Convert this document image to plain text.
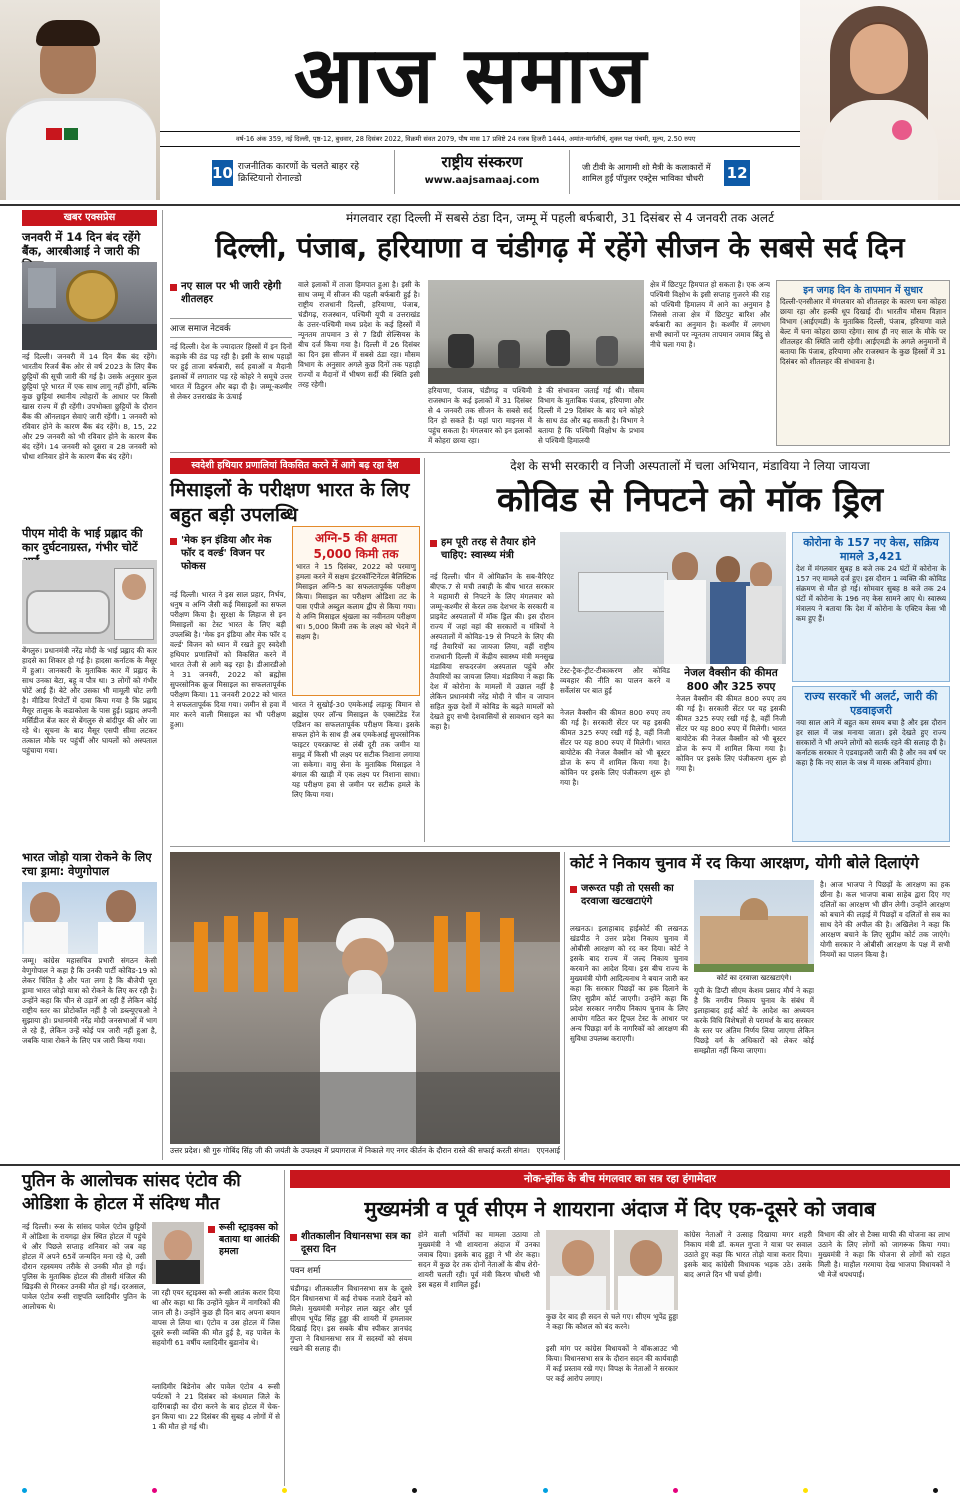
आज समाज
वर्ष-16 अंक 359, नई दिल्ली, पृष्ठ-12, बुधवार, 28 दिसंबर 2022, विक्रमी संवत 2079, पौष मास 17 प्रविष्टे 24 रजब हिजरी 1444, अमांत-मार्गशीर्ष, शुक्ल पक्ष पंचमी, मूल्य, 2.50 रुपए
10 राजनीतिक कारणों के चलते बाहर रहे क्रिस्टियानो रोनाल्डो
राष्ट्रीय संस्करण
www.aajsamaaj.com
जी टीवी के आगामी शो मैत्री के कलाकारों में शामिल हुईं पॉपुलर एक्ट्रेस भाविका चौधरी	12
खबर एक्सप्रेस
जनवरी में 14 दिन बंद रहेंगे बैंक, आरबीआई ने जारी की
नई दिल्ली। जनवरी में 14 दिन बैंक बंद रहेंगे। भारतीय रिजर्व बैंक ओर से वर्ष 2023 के लिए बैंक छुट्टियों की सूची जारी की गई है। उसके अनुसार कुल छुट्टियां पूरे भारत में एक साथ लागू नहीं होंगी, बल्कि कुछ छुट्टियां स्थानीय त्योहारों के आधार पर किसी खास राज्य में ही रहेंगी। उपभोक्ता छुट्टियों के दौरान बैंक की ऑनलाइन सेवाएं जारी रहेंगी। 1 जनवरी को रविवार होने के कारण बैंक बंद रहेंगे। 8, 15, 22 और 29 जनवरी को भी रविवार होने के कारण बैंक बंद रहेंगे। 14 जनवरी को दूसरा व 28 जनवरी को चौथा शनिवार होने के कारण बैंक बंद रहेंगे।
पीएम मोदी के भाई प्रह्लाद की कार दुर्घटनाग्रस्त, गंभीर चोटें
बेंगलुरु। प्रधानमंत्री नरेंद्र मोदी के भाई प्रह्लाद की कार हादसे का शिकार हो गई है। हादसा कर्नाटक के मैसूर में हुआ। जानकारी के मुताबिक कार में प्रह्लाद के साथ उनका बेटा, बहू व पौत्र था। 3 लोगों को गंभीर चोटें आई हैं। बेटे और उसका भी मामूली चोट लगी है। मीडिया रिपोर्टों में दावा किया गया है कि प्रह्लाद मैसूर तालुक के कडाकोला के पास हुई। प्रह्लाद अपनी मर्सिडीज बेंज कार से बेंगलुरु से बांदीपुर की ओर जा रहे थे। सूचना के बाद मैसूर एसपी सीमा लटकर तत्काल मौके पर पहुंचीं और घायलों को अस्पताल पहुंचाया गया।
भारत जोड़ो यात्रा रोकने के लिए रचा ड्रामा: वेणुगोपाल
जम्मू। कांग्रेस महासचिव प्रभारी संगठन केसी वेणुगोपाल ने कहा है कि उनकी पार्टी कोविड-19 को लेकर चिंतित है और पता लगा है कि बीजेपी पूरा ड्रामा भारत जोड़ो यात्रा को रोकने के लिए कर रही है। उन्होंने कहा कि चीन से उड़ानें आ रही हैं लेकिन कोई राष्ट्रीय स्तर का प्रोटोकॉल नहीं है जो डब्ल्यूएचओ ने सुझाया हो। प्रधानमंत्री नरेंद्र मोदी जनसभाओं में भाग ले रहे हैं, लेकिन उन्हें कोई पत्र जारी नहीं हुआ है, जबकि यात्रा रोकने के लिए पत्र जारी किया गया।
मंगलवार रहा दिल्ली में सबसे ठंडा दिन, जम्मू में पहली बर्फबारी, 31 दिसंबर से 4 जनवरी तक अलर्ट
दिल्ली, पंजाब, हरियाणा व चंडीगढ़ में रहेंगे सीजन के सबसे सर्द दिन
नए साल पर भी जारी रहेगी शीतलहर
आज समाज नेटवर्क
नई दिल्ली। देश के ज्यादातर हिस्सों में इन दिनों कड़ाके की ठंड पड़ रही है। इसी के साथ पहाड़ों पर हुई ताजा बर्फबारी, सर्द हवाओं व मैदानी इलाकों में लगातार पड़ रहे कोहरे ने समूचे उत्तर भारत में ठिठुरन और बढ़ा दी है। जम्मू-कश्मीर से लेकर उत्तराखंड के ऊंचाई
वाले इलाकों में ताजा हिमपात हुआ है। इसी के साथ जम्मू में सीजन की पहली बर्फबारी हुई है। राष्ट्रीय राजधानी दिल्ली, हरियाणा, पंजाब, चंडीगढ़, राजस्थान, पश्चिमी यूपी व उत्तराखंड के उत्तर-पश्चिमी मध्य प्रदेश के कई हिस्सों में न्यूनतम तापमान 3 से 7 डिग्री सेल्सियस के बीच दर्ज किया गया है। दिल्ली में 26 दिसंबर का दिन इस सीजन में सबसे ठंडा रहा। मौसम विभाग के अनुसार अगले कुछ दिनों तक पहाड़ी राज्यों व मैदानों में भीषण सर्दी की स्थिति इसी तरह रहेगी।
हरियाणा, पंजाब, चंडीगढ़ व पश्चिमी राजस्थान के कई इलाकों में 31 दिसंबर से 4 जनवरी तक सीजन के सबसे सर्द दिन हो सकते हैं। यहां पारा माइनस में पहुंच सकता है। मंगलवार को इन इलाकों में कोहरा छाया रहा।
डे की संभावना जताई गई थी। मौसम विभाग के मुताबिक पंजाब, हरियाणा और दिल्ली में 29 दिसंबर के बाद घने कोहरे के साथ ठंड और बढ़ सकती है। विभाग ने बताया है कि पश्चिमी विक्षोभ के प्रभाव से पश्चिमी हिमालयी
क्षेत्र में छिटपुट हिमपात हो सकता है। एक अन्य पश्चिमी विक्षोभ के इसी सप्ताह गुजरने की राह को पश्चिमी हिमालय में आने का अनुमान है जिससे ताजा क्षेत्र में छिटपुट बारिश और बर्फबारी का अनुमान है। कश्मीर में लगभग सभी स्थानों पर न्यूनतम तापमान जमाव बिंदु से नीचे चला गया है।
इन जगह दिन के तापमान में सुधार
दिल्ली-एनसीआर में मंगलवार को शीतलहर के कारण घना कोहरा छाया रहा और हल्की धूप दिखाई दी। भारतीय मौसम विज्ञान विभाग (आईएमडी) के मुताबिक दिल्ली, पंजाब, हरियाणा वाले बेल्ट में घना कोहरा छाया रहेगा। साथ ही नए साल के मौके पर शीतलहर की स्थिति जारी रहेगी। आईएमडी के अगले अनुमानों में बताया कि पंजाब, हरियाणा और राजस्थान के कुछ हिस्सों में 31 दिसंबर को शीतलहर की संभावना है।
स्वदेशी हथियार प्रणालियां विकसित करने में आगे बढ़ रहा देश
मिसाइलों के परीक्षण भारत के लिए बहुत बड़ी उपलब्धि
'मेक इन इंडिया और मेक फॉर द वर्ल्ड' विजन पर फोकस
अग्नि-5 की क्षमता 5,000 किमी तक
भारत ने 15 दिसंबर, 2022 को परमाणु हमला करने में सक्षम इंटरकॉन्टिनेंटल बैलिस्टिक मिसाइल अग्नि-5 का सफलतापूर्वक परीक्षण किया। मिसाइल का परीक्षण ओडिशा तट के पास एपीजे अब्दुल कलाम द्वीप से किया गया। ये अग्नि मिसाइल श्रृंखला का नवीनतम परीक्षण था। 5,000 किमी तक के लक्ष्य को भेदने में सक्षम है।
नई दिल्ली। भारत ने इस साल प्रहार, निर्भय, धनुष व अग्नि जैसी कई मिसाइलों का सफल परीक्षण किया है। सुरक्षा के लिहाज से इन मिसाइलों का टेस्ट भारत के लिए बड़ी उपलब्धि है। 'मेक इन इंडिया और मेक फॉर द वर्ल्ड' विजन को ध्यान में रखते हुए स्वदेशी हथियार प्रणालियों को विकसित करने में भारत तेजी से आगे बढ़ रहा है। डीआरडीओ ने 31 जनवरी, 2022 को ब्रह्मोस सुपरसोनिक क्रूज मिसाइल का सफलतापूर्वक परीक्षण किया। 11 जनवरी 2022 को भारत ने सफलतापूर्वक दिया गया। जमीन से हवा में मार करने वाली मिसाइल का भी परीक्षण हुआ।
भारत ने सुखोई-30 एमकेआई लड़ाकू विमान से ब्रह्मोस एयर लॉन्च मिसाइल के एक्सटेंडेड रेंज एडिशन का सफलतापूर्वक परीक्षण किया। इसके सफल होने के साथ ही अब एमकेआई सुपरसोनिक फाइटर एयरक्राफ्ट से लंबी दूरी तक जमीन या समुद्र में किसी भी लक्ष्य पर सटीक निशाना लगाया जा सकेगा। वायु सेना के मुताबिक मिसाइल ने बंगाल की खाड़ी में एक लक्ष्य पर निशाना साधा। यह परीक्षण हवा से जमीन पर सटीक हमले के लिए किया गया।
देश के सभी सरकारी व निजी अस्पतालों में चला अभियान, मंडाविया ने लिया जायजा
कोविड से निपटने को मॉक ड्रिल
हम पूरी तरह से तैयार होने चाहिए: स्वास्थ्य मंत्री
नई दिल्ली। चीन में ओमिक्रॉन के सब-वैरिएंट बीएफ.7 से मची तबाही के बीच भारत सरकार ने महामारी से निपटने के लिए मंगलवार को जम्मू-कश्मीर से केरल तक देशभर के सरकारी व प्राइवेट अस्पतालों में मॉक ड्रिल की। इस दौरान राज्य में जहां वहां की सरकारों व मंत्रियों ने अस्पतालों में कोविड-19 से निपटने के लिए की गई तैयारियों का जायजा लिया, वहीं राष्ट्रीय राजधानी दिल्ली में केंद्रीय स्वास्थ्य मंत्री मनसुख मंडाविया सफदरजंग अस्पताल पहुंचे और तैयारियों का जायजा लिया। मंडाविया ने कहा कि देश में कोरोना के मामलों में उछाल नहीं है लेकिन प्रधानमंत्री नरेंद्र मोदी ने चीन व जापान सहित कुछ देशों में कोविड के बढ़ते मामलों को देखते हुए सभी देशवासियों से सावधान रहने का कहा है।
टेस्ट-ट्रैक-ट्रीट-टीकाकरण और कोविड व्यवहार की नीति का पालन करने व सर्वेलांस पर बात हुई
नेजल वैक्सीन की कीमत 800 और 325 रुपए
नेजल वैक्सीन की कीमत 800 रुपए तय की गई है। सरकारी सेंटर पर यह इसकी कीमत 325 रुपए रखी गई है, वहीं निजी सेंटर पर यह 800 रुपए में मिलेगी। भारत बायोटेक की नेजल वैक्सीन को भी बूस्टर डोज के रूप में शामिल किया गया है। कोविन पर इसके लिए पंजीकरण शुरू हो गया है।
नेजल वैक्सीन की कीमत 800 रुपए तय की गई है। सरकारी सेंटर पर यह इसकी कीमत 325 रुपए रखी गई है, वहीं निजी सेंटर पर यह 800 रुपए में मिलेगी। भारत बायोटेक की नेजल वैक्सीन को भी बूस्टर डोज के रूप में शामिल किया गया है। कोविन पर इसके लिए पंजीकरण शुरू हो गया है।
कोरोना के 157 नए केस, सक्रिय मामले 3,421
देश में मंगलवार सुबह 8 बजे तक 24 घंटों में कोरोना के 157 नए मामले दर्ज हुए। इस दौरान 1 व्यक्ति की कोविड संक्रमण से मौत हो गई। सोमवार सुबह 8 बजे तक 24 घंटों में कोरोना के 196 नए केस सामने आए थे। स्वास्थ्य मंत्रालय ने बताया कि देश में कोरोना के एक्टिव केस भी कम हुए हैं।
राज्य सरकारें भी अलर्ट, जारी की एडवाइजरी
नया साल आने में बहुत कम समय बचा है और इस दौरान हर साल में जश्न मनाया जाता। इसे देखते हुए राज्य सरकारों ने भी अपने लोगों को सतर्क रहने की सलाह दी है। कर्नाटक सरकार ने एडवाइजरी जारी की है और नव वर्ष पर कहा है कि नए साल के जश्न में मास्क अनिवार्य होगा।
उत्तर प्रदेश। श्री गुरु गोबिंद सिंह जी की जयंती के उपलक्ष्य में प्रयागराज में निकाले गए नगर कीर्तन के दौरान रास्ते की सफाई करती संगत। एएनआई
कोर्ट ने निकाय चुनाव में रद किया आरक्षण, योगी बोले दिलाएंगे
जरूरत पड़ी तो एससी का दरवाजा खटखटाएंगे
कोर्ट का दरवाजा खटखटाएंगे।
लखनऊ। इलाहाबाद हाईकोर्ट की लखनऊ खंडपीठ ने उत्तर प्रदेश निकाय चुनाव में ओबीसी आरक्षण को रद कर दिया। कोर्ट ने इसके बाद राज्य में जल्द निकाय चुनाव करवाने का आदेश दिया। इस बीच राज्य के मुख्यमंत्री योगी आदित्यनाथ ने बयान जारी कर कहा कि सरकार पिछड़ों का हक दिलाने के लिए सुप्रीम कोर्ट जाएगी। उन्होंने कहा कि प्रदेश सरकार नगरीय निकाय चुनाव के लिए आयोग गठित कर ट्रिपल टेस्ट के आधार पर अन्य पिछड़ा वर्ग के नागरिकों को आरक्षण की सुविधा उपलब्ध कराएगी।
यूपी के डिप्टी सीएम केशव प्रसाद मौर्य ने कहा है कि नगरीय निकाय चुनाव के संबंध में इलाहाबाद हाई कोर्ट के आदेश का अध्ययन करके विधि विशेषज्ञों से परामर्श के बाद सरकार के स्तर पर अंतिम निर्णय लिया जाएगा लेकिन पिछड़े वर्ग के अधिकारों को लेकर कोई समझौता नहीं किया जाएगा।
है। आज भाजपा ने पिछड़ों के आरक्षण का हक छीना है। कल भाजपा बाबा साहेब द्वारा दिए गए दलितों का आरक्षण भी छीन लेगी। उन्होंने आरक्षण को बचाने की लड़ाई में पिछड़ों व दलितों से सब का साथ देने की अपील की है। अखिलेश ने कहा कि आरक्षण बचाने के लिए सुप्रीम कोर्ट तक जाएंगे। योगी सरकार ने ओबीसी आरक्षण के पक्ष में सभी नियमों का पालन किया है।
पुतिन के आलोचक सांसद एंटोव की ओडिशा के होटल में संदिग्ध मौत
नई दिल्ली। रूस के सांसद पावेल एंटोव छुट्टियों में ओडिशा के रायगढ़ा क्षेत्र स्थित होटल में पहुंचे थे और पिछले सप्ताह शनिवार को जब वह होटल में अपने 65वें जन्मदिन मना रहे थे, उसी दौरान रहस्यमय तरीके से उनकी मौत हो गई। पुलिस के मुताबिक होटल की तीसरी मंजिल की खिड़की से गिरकर उनकी मौत हो गई। दरअसल, पावेल एंटोव रूसी राष्ट्रपति व्लादिमीर पुतिन के आलोचक थे।
रूसी स्ट्राइक्स को बताया था आतंकी हमला
जा रही एयर स्ट्राइक्स को रूसी आतंक करार दिया था और कहा था कि उन्होंने यूक्रेन में नागरिकों की जान ली है। उन्होंने कुछ ही दिन बाद अपना बयान वापस ले लिया था। एंटोव व उस होटल में जिस दूसरे रूसी व्यक्ति की मौत हुई है, वह पावेल के सहयोगी 61 वर्षीय व्लादिमीर बुडानोव थे।
व्लादिमीर बिडेनोव और पावेल एंटोव 4 रूसी पर्यटकों ने 21 दिसंबर को कंधमाल जिले के दारिंगबाड़ी का दौरा करने के बाद होटल में चेक-इन किया था। 22 दिसंबर की सुबह 4 लोगों में से 1 की मौत हो गई थी।
नोक-झोंक के बीच मंगलवार का सत्र रहा हंगामेदार
मुख्यमंत्री व पूर्व सीएम ने शायराना अंदाज में दिए एक-दूसरे को जवाब
शीतकालीन विधानसभा सत्र का दूसरा दिन
पवन शर्मा
चंडीगढ़। शीतकालीन विधानसभा सत्र के दूसरे दिन विधानसभा में कई रोचक नजारे देखने को मिले। मुख्यमंत्री मनोहर लाल खट्टर और पूर्व सीएम भूपेंद्र सिंह हुड्डा की शायरी में हमलावर दिखाई दिए। इस सबके बीच स्पीकर ज्ञानचंद गुप्ता ने विधानसभा सत्र में सदस्यों को संयम रखने की सलाह दी।
होने वाली भर्तियों का मामला उठाया तो मुख्यमंत्री ने भी शायराना अंदाज में उनका जवाब दिया। इसके बाद हुड्डा ने भी शेर कहा। सदन में कुछ देर तक दोनों नेताओं के बीच शेरो-शायरी चलती रही। पूर्व मंत्री किरण चौधरी भी इस बहस में शामिल हुईं।
कुछ देर बाद ही सदन से चले गए। सीएम भूपेंद्र हुड्डा ने कहा कि कौशल को बंद करने।
इसी मांग पर कांग्रेस विधायकों ने वॉकआउट भी किया। विधानसभा सत्र के दौरान सदन की कार्यवाही में कई प्रस्ताव रखे गए। विपक्ष के नेताओं ने सरकार पर कई आरोप लगाए।
कांग्रेस नेताओं ने उत्साह दिखाया मगर शहरी निकाय मंत्री डॉ. कमल गुप्ता ने यात्रा पर सवाल उठाते हुए कहा कि भारत तोड़ो यात्रा करार दिया। इसके बाद कांग्रेसी विधायक भड़क उठे। उसके बाद अगले दिन भी चर्चा होगी।
विभाग की ओर से टैक्स माफी की योजना का लाभ उठाने के लिए लोगों को जागरूक किया गया। मुख्यमंत्री ने कहा कि योजना से लोगों को राहत मिली है। माहौल गरमाया देख भाजपा विधायकों ने भी मेजें थपथपाईं।
